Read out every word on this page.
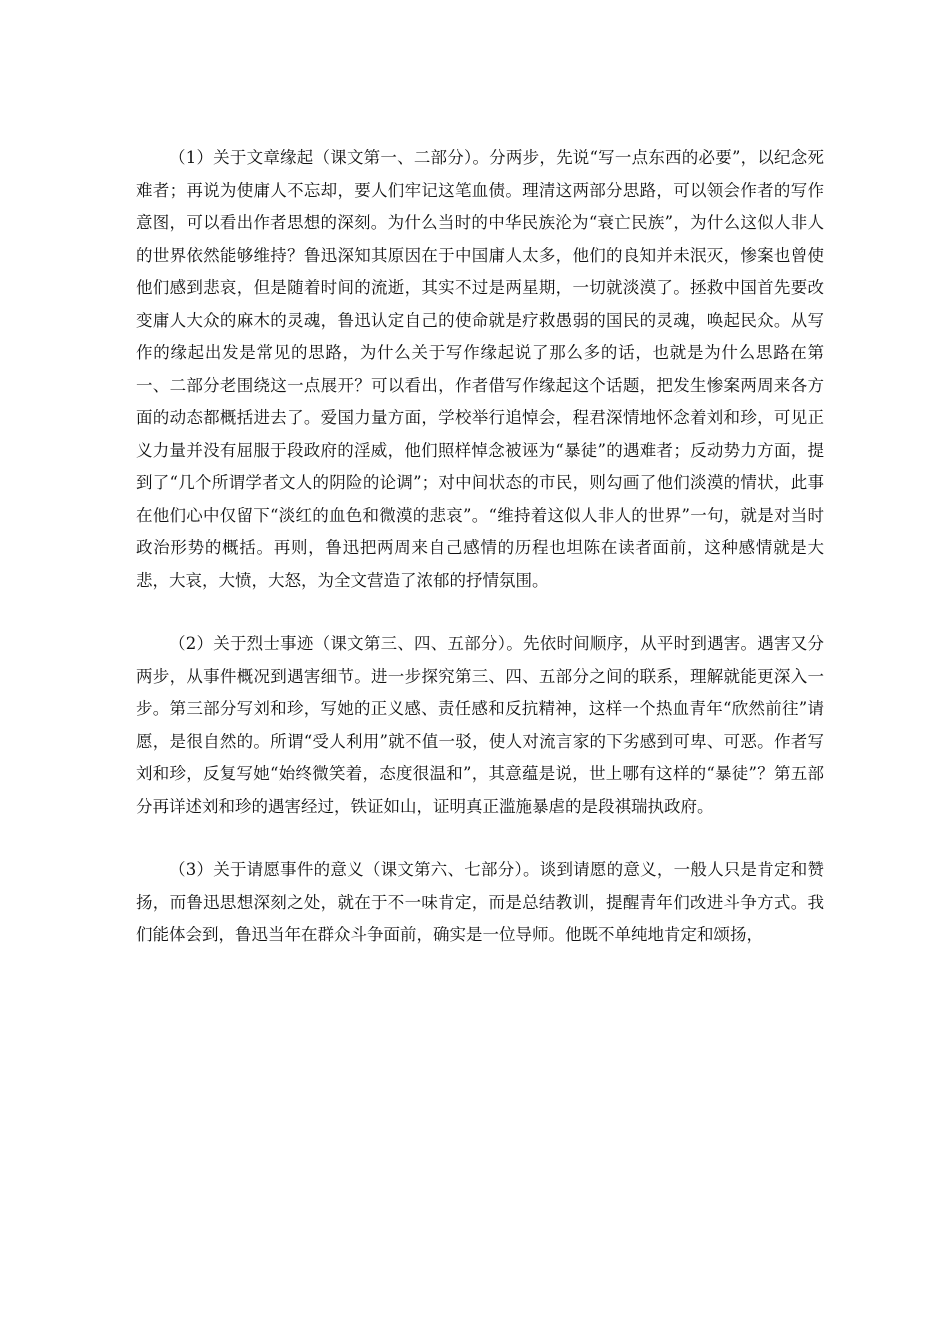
（1）关于文章缘起（课文第一、二部分）。分两步，先说“写一点东西的必要”，以纪念死难者；再说为使庸人不忘却，要人们牢记这笔血债。理清这两部分思路，可以领会作者的写作意图，可以看出作者思想的深刻。为什么当时的中华民族沦为“衰亡民族”，为什么这似人非人的世界依然能够维持？鲁迅深知其原因在于中国庸人太多，他们的良知并未泯灭，惨案也曾使他们感到悲哀，但是随着时间的流逝，其实不过是两星期，一切就淡漠了。拯救中国首先要改变庸人大众的麻木的灵魂，鲁迅认定自己的使命就是疗救愚弱的国民的灵魂，唤起民众。从写作的缘起出发是常见的思路，为什么关于写作缘起说了那么多的话，也就是为什么思路在第一、二部分老围绕这一点展开？可以看出，作者借写作缘起这个话题，把发生惨案两周来各方面的动态都概括进去了。爱国力量方面，学校举行追悼会，程君深情地怀念着刘和珍，可见正义力量并没有屈服于段政府的淫威，他们照样悼念被诬为“暴徒”的遇难者；反动势力方面，提到了“几个所谓学者文人的阴险的论调”；对中间状态的市民，则勾画了他们淡漠的情状，此事在他们心中仅留下“淡红的血色和微漠的悲哀”。“维持着这似人非人的世界”一句，就是对当时政治形势的概括。再则，鲁迅把两周来自己感情的历程也坦陈在读者面前，这种感情就是大悲，大哀，大愤，大怒，为全文营造了浓郁的抒情氛围。

（2）关于烈士事迹（课文第三、四、五部分）。先依时间顺序，从平时到遇害。遇害又分两步，从事件概况到遇害细节。进一步探究第三、四、五部分之间的联系，理解就能更深入一步。第三部分写刘和珍，写她的正义感、责任感和反抗精神，这样一个热血青年“欣然前往”请愿，是很自然的。所谓“受人利用”就不值一驳，使人对流言家的下劣感到可卑、可恶。作者写刘和珍，反复写她“始终微笑着，态度很温和”，其意蕴是说，世上哪有这样的“暴徒”？第五部分再详述刘和珍的遇害经过，铁证如山，证明真正滥施暴虐的是段祺瑞执政府。

（3）关于请愿事件的意义（课文第六、七部分）。谈到请愿的意义，一般人只是肯定和赞扬，而鲁迅思想深刻之处，就在于不一味肯定，而是总结教训，提醒青年们改进斗争方式。我们能体会到，鲁迅当年在群众斗争面前，确实是一位导师。他既不单纯地肯定和颂扬，
